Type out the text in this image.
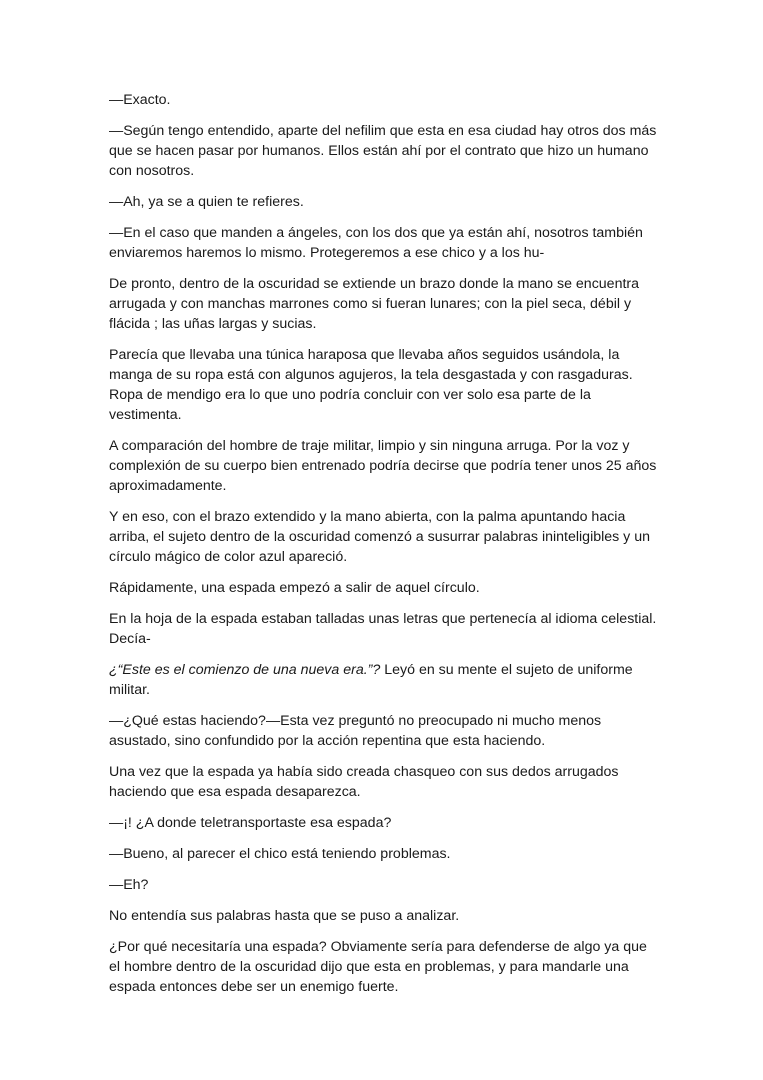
—Exacto.

—Según tengo entendido, aparte del nefilim que esta en esa ciudad hay otros dos más que se hacen pasar por humanos. Ellos están ahí por el contrato que hizo un humano con nosotros.

—Ah, ya se a quien te refieres.

—En el caso que manden a ángeles, con los dos que ya están ahí, nosotros también enviaremos haremos lo mismo. Protegeremos a ese chico y a los hu-

De pronto, dentro de la oscuridad se extiende un brazo donde la mano se encuentra arrugada y con manchas marrones como si fueran lunares; con la piel seca, débil y flácida ; las uñas largas y sucias.

Parecía que llevaba una túnica haraposa que llevaba años seguidos usándola, la manga de su ropa está con algunos agujeros, la tela desgastada y con rasgaduras. Ropa de mendigo era lo que uno podría concluir con ver solo esa parte de la vestimenta.

A comparación del hombre de traje militar, limpio y sin ninguna arruga. Por la voz y complexión de su cuerpo bien entrenado podría decirse que podría tener unos 25 años aproximadamente.

Y en eso, con el brazo extendido y la mano abierta, con la palma apuntando hacia arriba, el sujeto dentro de la oscuridad comenzó a susurrar palabras ininteligibles y un círculo mágico de color azul apareció.

Rápidamente, una espada empezó a salir de aquel círculo.

En la hoja de la espada estaban talladas unas letras que pertenecía al idioma celestial. Decía-

¿“Este es el comienzo de una nueva era.”? Leyó en su mente el sujeto de uniforme militar.

—¿Qué estas haciendo?—Esta vez preguntó no preocupado ni mucho menos asustado, sino confundido por la acción repentina que esta haciendo.

Una vez que la espada ya había sido creada chasqueo con sus dedos arrugados haciendo que esa espada desaparezca.

—¡! ¿A donde teletransportaste esa espada?

—Bueno, al parecer el chico está teniendo problemas.

—Eh?

No entendía sus palabras hasta que se puso a analizar.

¿Por qué necesitaría una espada? Obviamente sería para defenderse de algo ya que el hombre dentro de la oscuridad dijo que esta en problemas, y para mandarle una espada entonces debe ser un enemigo fuerte.
